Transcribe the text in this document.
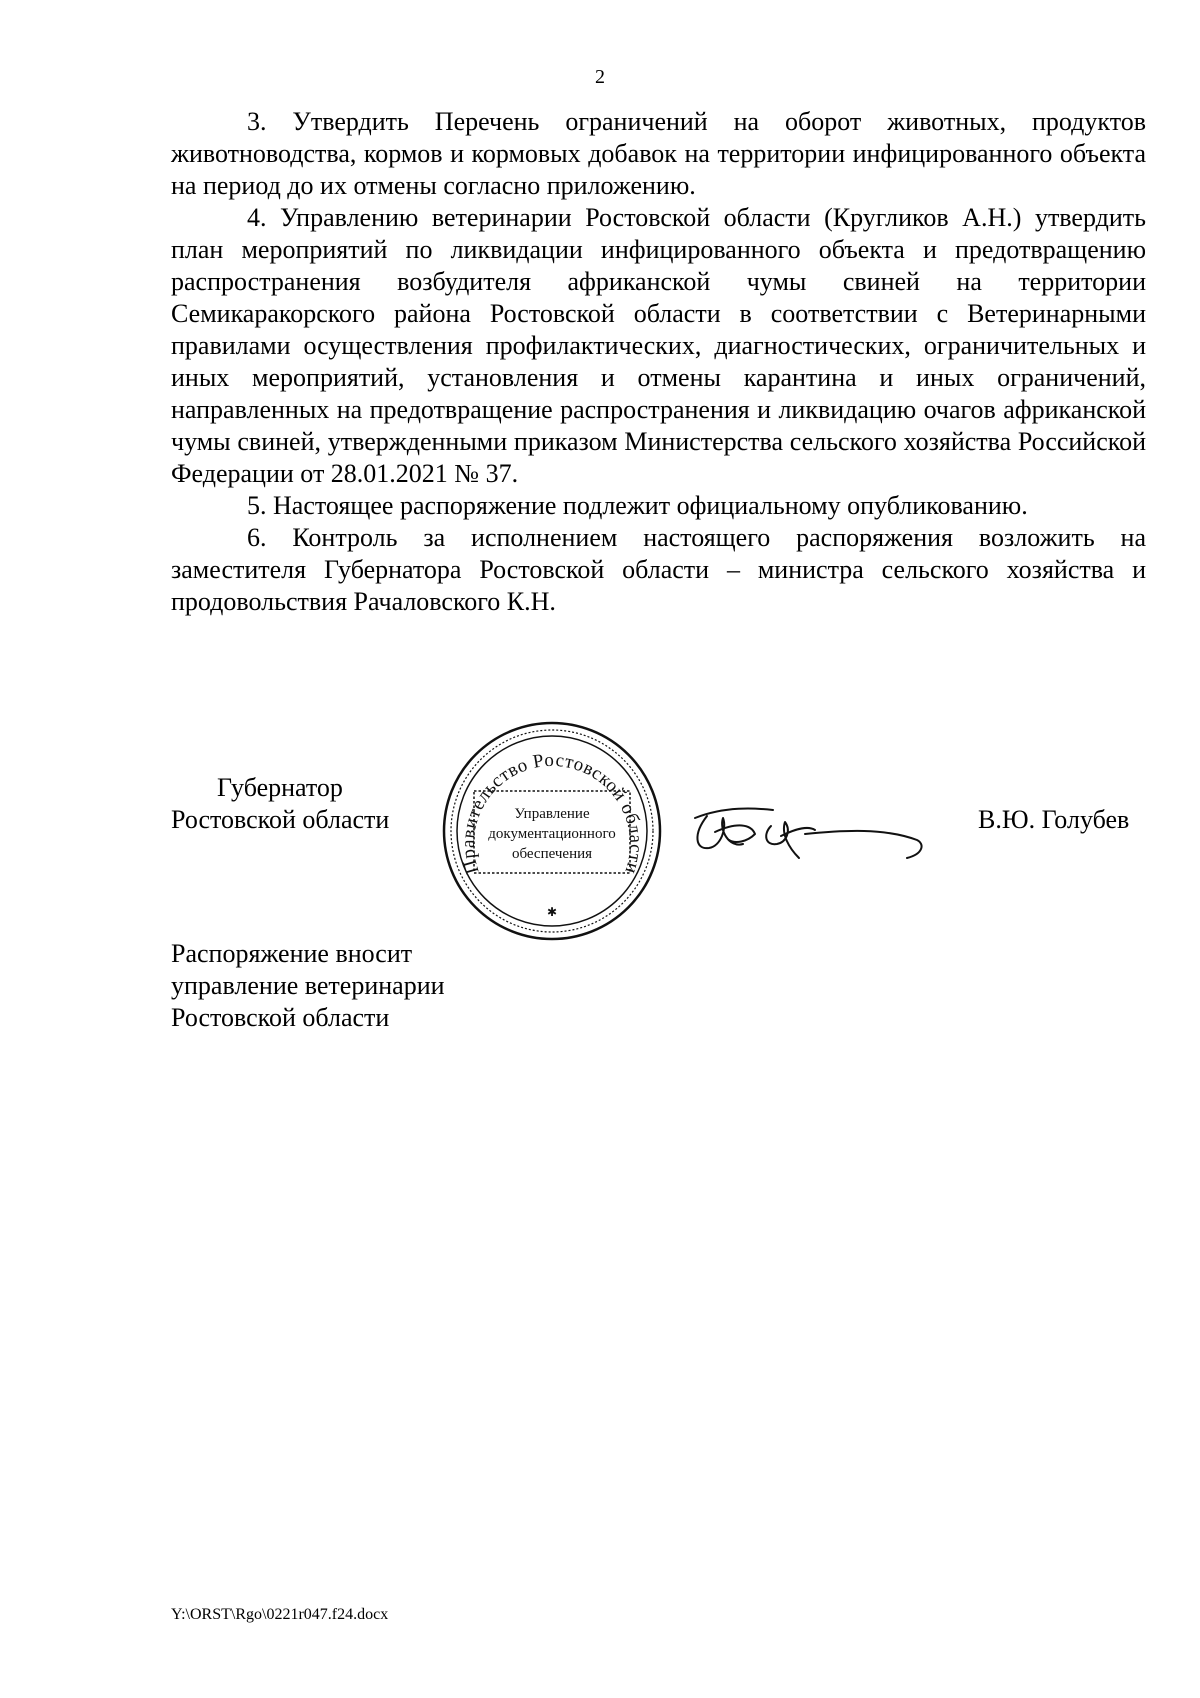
2

3. Утвердить Перечень ограничений на оборот животных, продуктов животноводства, кормов и кормовых добавок на территории инфицированного объекта на период до их отмены согласно приложению.

4. Управлению ветеринарии Ростовской области (Кругликов А.Н.) утвердить план мероприятий по ликвидации инфицированного объекта и предотвращению распространения возбудителя африканской чумы свиней на территории Семикаракорского района Ростовской области в соответствии с Ветеринарными правилами осуществления профилактических, диагностических, ограничительных и иных мероприятий, установления и отмены карантина и иных ограничений, направленных на предотвращение распространения и ликвидацию очагов африканской чумы свиней, утвержденными приказом Министерства сельского хозяйства Российской Федерации от 28.01.2021 № 37.

5. Настоящее распоряжение подлежит официальному опубликованию.

6. Контроль за исполнением настоящего распоряжения возложить на заместителя Губернатора Ростовской области – министра сельского хозяйства и продовольствия Рачаловского К.Н.

Губернатор
Ростовской области
Правительство Ростовской области
Управление
документационного
обеспечения
✱
В.Ю. Голубев
Распоряжение вносит
управление ветеринарии
Ростовской области
Y:\ORST\Rgo\0221r047.f24.docx
